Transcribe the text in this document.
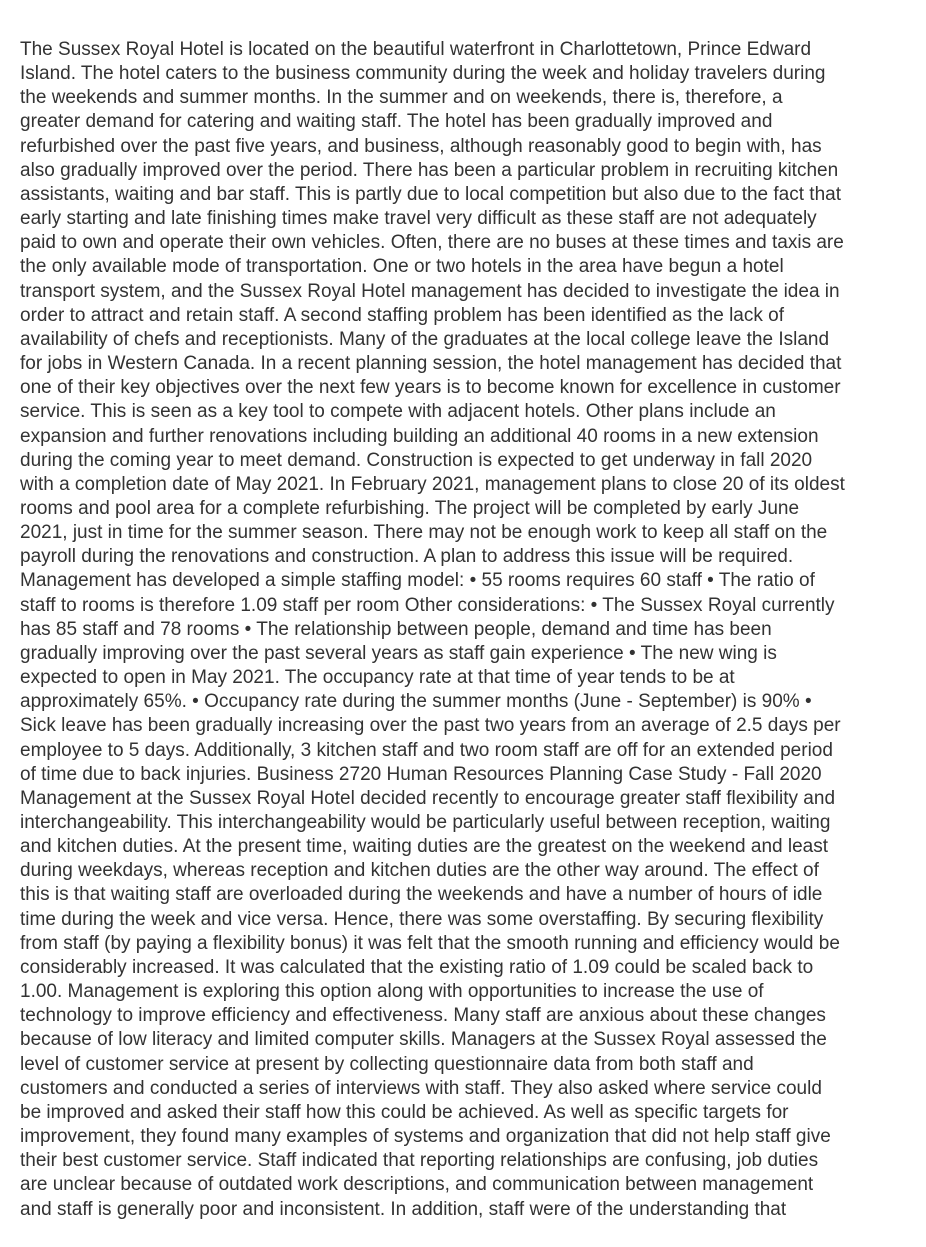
The Sussex Royal Hotel is located on the beautiful waterfront in Charlottetown, Prince Edward
Island. The hotel caters to the business community during the week and holiday travelers during
the weekends and summer months. In the summer and on weekends, there is, therefore, a
greater demand for catering and waiting staff. The hotel has been gradually improved and
refurbished over the past five years, and business, although reasonably good to begin with, has
also gradually improved over the period. There has been a particular problem in recruiting kitchen
assistants, waiting and bar staff. This is partly due to local competition but also due to the fact that
early starting and late finishing times make travel very difficult as these staff are not adequately
paid to own and operate their own vehicles. Often, there are no buses at these times and taxis are
the only available mode of transportation. One or two hotels in the area have begun a hotel
transport system, and the Sussex Royal Hotel management has decided to investigate the idea in
order to attract and retain staff. A second staffing problem has been identified as the lack of
availability of chefs and receptionists. Many of the graduates at the local college leave the Island
for jobs in Western Canada. In a recent planning session, the hotel management has decided that
one of their key objectives over the next few years is to become known for excellence in customer
service. This is seen as a key tool to compete with adjacent hotels. Other plans include an
expansion and further renovations including building an additional 40 rooms in a new extension
during the coming year to meet demand. Construction is expected to get underway in fall 2020
with a completion date of May 2021. In February 2021, management plans to close 20 of its oldest
rooms and pool area for a complete refurbishing. The project will be completed by early June
2021, just in time for the summer season. There may not be enough work to keep all staff on the
payroll during the renovations and construction. A plan to address this issue will be required.
Management has developed a simple staffing model: • 55 rooms requires 60 staff • The ratio of
staff to rooms is therefore 1.09 staff per room Other considerations: • The Sussex Royal currently
has 85 staff and 78 rooms • The relationship between people, demand and time has been
gradually improving over the past several years as staff gain experience • The new wing is
expected to open in May 2021. The occupancy rate at that time of year tends to be at
approximately 65%. • Occupancy rate during the summer months (June - September) is 90% •
Sick leave has been gradually increasing over the past two years from an average of 2.5 days per
employee to 5 days. Additionally, 3 kitchen staff and two room staff are off for an extended period
of time due to back injuries. Business 2720 Human Resources Planning Case Study - Fall 2020
Management at the Sussex Royal Hotel decided recently to encourage greater staff flexibility and
interchangeability. This interchangeability would be particularly useful between reception, waiting
and kitchen duties. At the present time, waiting duties are the greatest on the weekend and least
during weekdays, whereas reception and kitchen duties are the other way around. The effect of
this is that waiting staff are overloaded during the weekends and have a number of hours of idle
time during the week and vice versa. Hence, there was some overstaffing. By securing flexibility
from staff (by paying a flexibility bonus) it was felt that the smooth running and efficiency would be
considerably increased. It was calculated that the existing ratio of 1.09 could be scaled back to
1.00. Management is exploring this option along with opportunities to increase the use of
technology to improve efficiency and effectiveness. Many staff are anxious about these changes
because of low literacy and limited computer skills. Managers at the Sussex Royal assessed the
level of customer service at present by collecting questionnaire data from both staff and
customers and conducted a series of interviews with staff. They also asked where service could
be improved and asked their staff how this could be achieved. As well as specific targets for
improvement, they found many examples of systems and organization that did not help staff give
their best customer service. Staff indicated that reporting relationships are confusing, job duties
are unclear because of outdated work descriptions, and communication between management
and staff is generally poor and inconsistent. In addition, staff were of the understanding that
